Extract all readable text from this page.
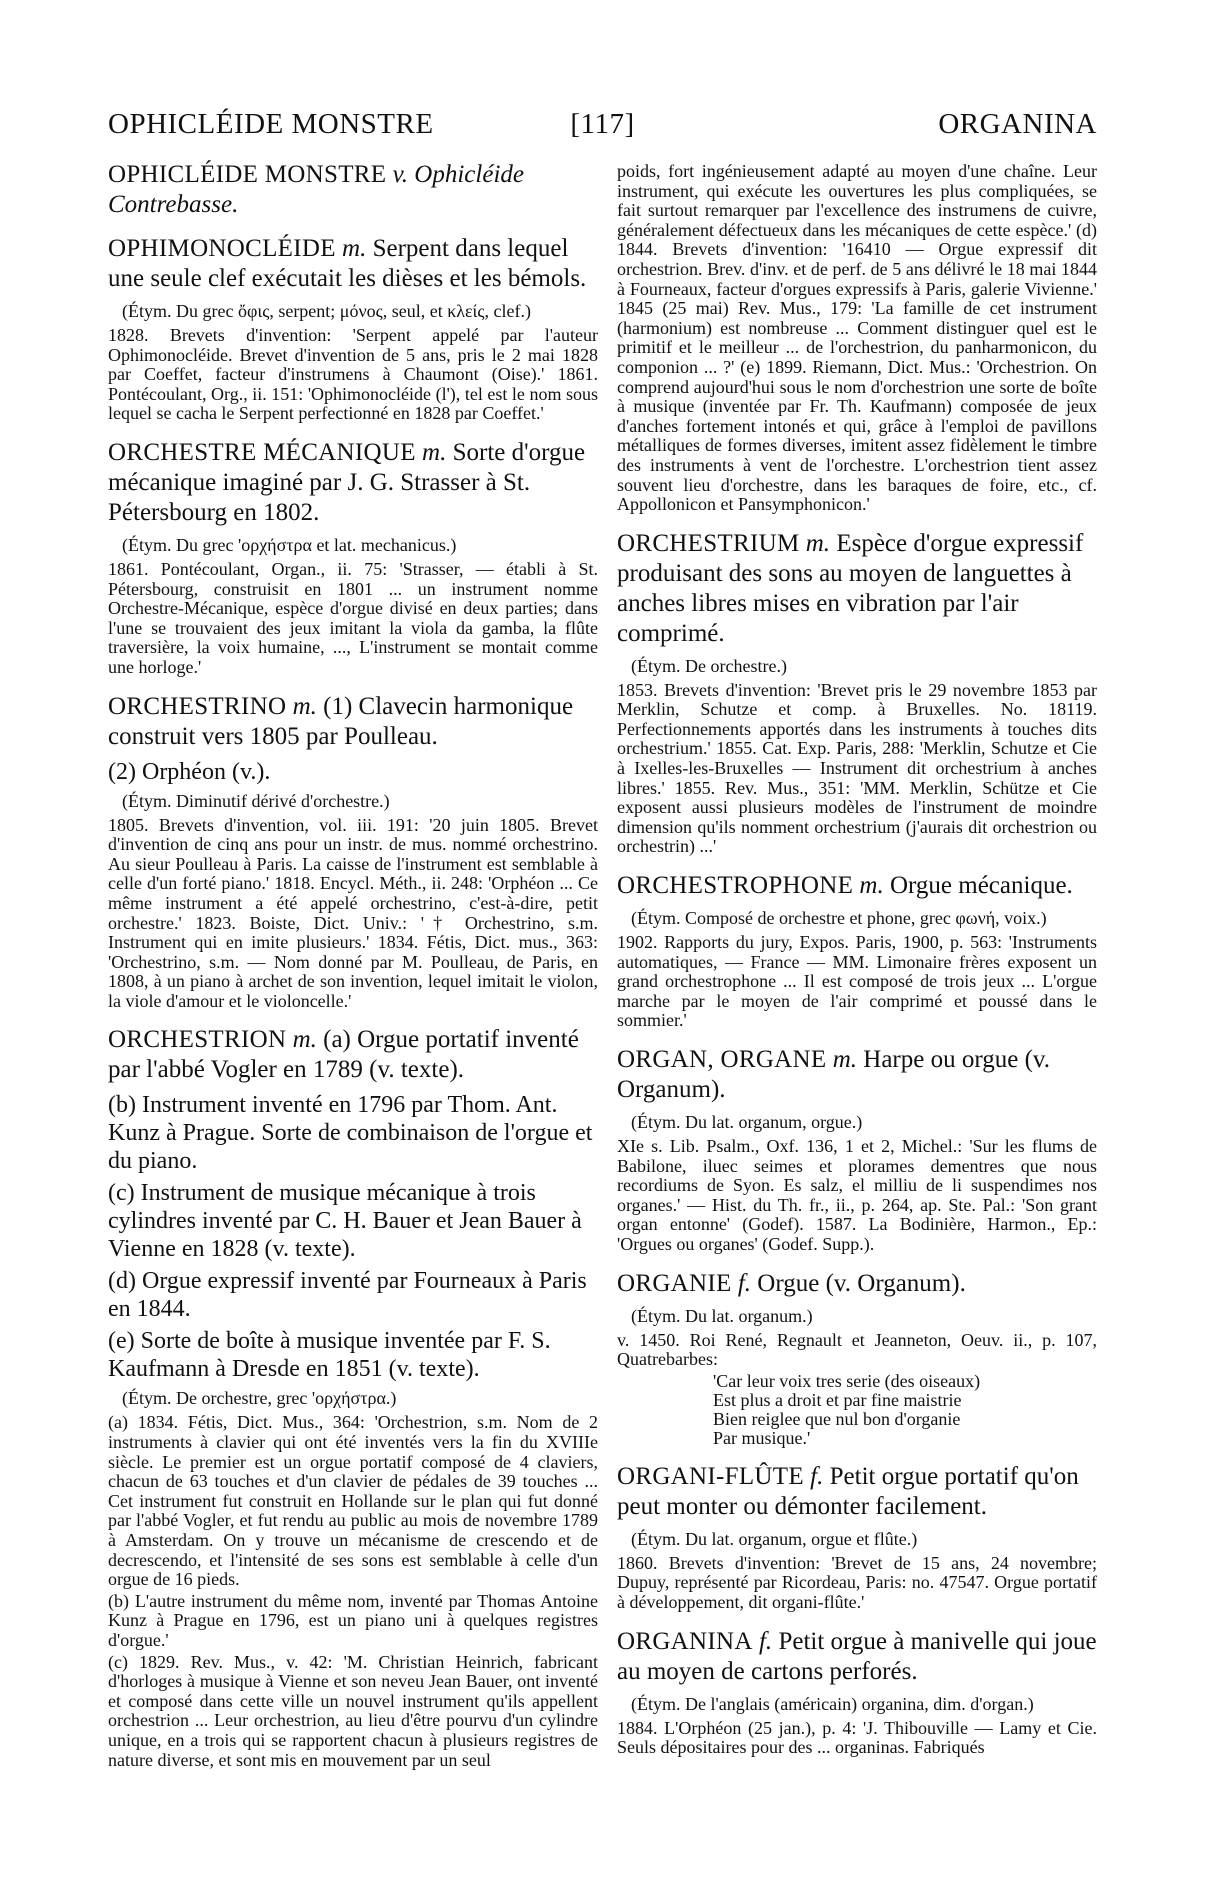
OPHICLÉIDE MONSTRE	[117]	ORGANINA

OPHICLÉIDE MONSTRE v. Ophicléide Contrebasse.

OPHIMONOCLÉIDE m. Serpent dans lequel une seule clef exécutait les dièses et les bémols.

(Étym. Du grec ὄφις, serpent; μόνος, seul, et κλείς, clef.)

1828. Brevets d'invention: 'Serpent appelé par l'auteur Ophimonocléide. Brevet d'invention de 5 ans, pris le 2 mai 1828 par Coeffet, facteur d'instrumens à Chaumont (Oise).' 1861. Pontécoulant, Org., ii. 151: 'Ophimonocléide (l'), tel est le nom sous lequel se cacha le Serpent perfectionné en 1828 par Coeffet.'

ORCHESTRE MÉCANIQUE m. Sorte d'orgue mécanique imaginé par J. G. Strasser à St. Pétersbourg en 1802.

(Étym. Du grec 'ορχήστρα et lat. mechanicus.)

1861. Pontécoulant, Organ., ii. 75: 'Strasser, — établi à St. Pétersbourg, construisit en 1801 ... un instrument nomme Orchestre-Mécanique, espèce d'orgue divisé en deux parties; dans l'une se trouvaient des jeux imitant la viola da gamba, la flûte traversière, la voix humaine, ..., L'instrument se montait comme une horloge.'

ORCHESTRINO m. (1) Clavecin harmonique construit vers 1805 par Poulleau.

(2) Orphéon (v.).

(Étym. Diminutif dérivé d'orchestre.)

1805. Brevets d'invention, vol. iii. 191: '20 juin 1805. Brevet d'invention de cinq ans pour un instr. de mus. nommé orchestrino. Au sieur Poulleau à Paris. La caisse de l'instrument est semblable à celle d'un forté piano.' 1818. Encycl. Méth., ii. 248: 'Orphéon ... Ce même instrument a été appelé orchestrino, c'est-à-dire, petit orchestre.' 1823. Boiste, Dict. Univ.: '† Orchestrino, s.m. Instrument qui en imite plusieurs.' 1834. Fétis, Dict. mus., 363: 'Orchestrino, s.m. — Nom donné par M. Poulleau, de Paris, en 1808, à un piano à archet de son invention, lequel imitait le violon, la viole d'amour et le violoncelle.'

ORCHESTRION m. (a) Orgue portatif inventé par l'abbé Vogler en 1789 (v. texte).

(b) Instrument inventé en 1796 par Thom. Ant. Kunz à Prague. Sorte de combinaison de l'orgue et du piano.

(c) Instrument de musique mécanique à trois cylindres inventé par C. H. Bauer et Jean Bauer à Vienne en 1828 (v. texte).

(d) Orgue expressif inventé par Fourneaux à Paris en 1844.

(e) Sorte de boîte à musique inventée par F. S. Kaufmann à Dresde en 1851 (v. texte).

(Étym. De orchestre, grec 'ορχήστρα.)

(a) 1834. Fétis, Dict. Mus., 364: 'Orchestrion, s.m. Nom de 2 instruments à clavier qui ont été inventés vers la fin du XVIIIe siècle. Le premier est un orgue portatif composé de 4 claviers, chacun de 63 touches et d'un clavier de pédales de 39 touches ... Cet instrument fut construit en Hollande sur le plan qui fut donné par l'abbé Vogler, et fut rendu au public au mois de novembre 1789 à Amsterdam. On y trouve un mécanisme de crescendo et de decrescendo, et l'intensité de ses sons est semblable à celle d'un orgue de 16 pieds.

(b) L'autre instrument du même nom, inventé par Thomas Antoine Kunz à Prague en 1796, est un piano uni à quelques registres d'orgue.'

(c) 1829. Rev. Mus., v. 42: 'M. Christian Heinrich, fabricant d'horloges à musique à Vienne et son neveu Jean Bauer, ont inventé et composé dans cette ville un nouvel instrument qu'ils appellent orchestrion ... Leur orchestrion, au lieu d'être pourvu d'un cylindre unique, en a trois qui se rapportent chacun à plusieurs registres de nature diverse, et sont mis en mouvement par un seul

poids, fort ingénieusement adapté au moyen d'une chaîne. Leur instrument, qui exécute les ouvertures les plus compliquées, se fait surtout remarquer par l'excellence des instrumens de cuivre, généralement défectueux dans les mécaniques de cette espèce.' (d) 1844. Brevets d'invention: '16410 — Orgue expressif dit orchestrion. Brev. d'inv. et de perf. de 5 ans délivré le 18 mai 1844 à Fourneaux, facteur d'orgues expressifs à Paris, galerie Vivienne.' 1845 (25 mai) Rev. Mus., 179: 'La famille de cet instrument (harmonium) est nombreuse ... Comment distinguer quel est le primitif et le meilleur ... de l'orchestrion, du panharmonicon, du componion ... ?' (e) 1899. Riemann, Dict. Mus.: 'Orchestrion. On comprend aujourd'hui sous le nom d'orchestrion une sorte de boîte à musique (inventée par Fr. Th. Kaufmann) composée de jeux d'anches fortement intonés et qui, grâce à l'emploi de pavillons métalliques de formes diverses, imitent assez fidèlement le timbre des instruments à vent de l'orchestre. L'orchestrion tient assez souvent lieu d'orchestre, dans les baraques de foire, etc., cf. Appollonicon et Pansymphonicon.'

ORCHESTRIUM m. Espèce d'orgue expressif produisant des sons au moyen de languettes à anches libres mises en vibration par l'air comprimé.

(Étym. De orchestre.)

1853. Brevets d'invention: 'Brevet pris le 29 novembre 1853 par Merklin, Schutze et comp. à Bruxelles. No. 18119. Perfectionnements apportés dans les instruments à touches dits orchestrium.' 1855. Cat. Exp. Paris, 288: 'Merklin, Schutze et Cie à Ixelles-les-Bruxelles — Instrument dit orchestrium à anches libres.' 1855. Rev. Mus., 351: 'MM. Merklin, Schütze et Cie exposent aussi plusieurs modèles de l'instrument de moindre dimension qu'ils nomment orchestrium (j'aurais dit orchestrion ou orchestrin) ...'

ORCHESTROPHONE m. Orgue mécanique.

(Étym. Composé de orchestre et phone, grec φωνή, voix.)

1902. Rapports du jury, Expos. Paris, 1900, p. 563: 'Instruments automatiques, — France — MM. Limonaire frères exposent un grand orchestrophone ... Il est composé de trois jeux ... L'orgue marche par le moyen de l'air comprimé et poussé dans le sommier.'

ORGAN, ORGANE m. Harpe ou orgue (v. Organum).

(Étym. Du lat. organum, orgue.)

XIe s. Lib. Psalm., Oxf. 136, 1 et 2, Michel.: 'Sur les flums de Babilone, iluec seimes et plorames dementres que nous recordiums de Syon. Es salz, el milliu de li suspendimes nos organes.' — Hist. du Th. fr., ii., p. 264, ap. Ste. Pal.: 'Son grant organ entonne' (Godef). 1587. La Bodinière, Harmon., Ep.: 'Orgues ou organes' (Godef. Supp.).

ORGANIE f. Orgue (v. Organum).

(Étym. Du lat. organum.)

v. 1450. Roi René, Regnault et Jeanneton, Oeuv. ii., p. 107, Quatrebarbes:

'Car leur voix tres serie (des oiseaux)

Est plus a droit et par fine maistrie

Bien reiglee que nul bon d'organie

Par musique.'

ORGANI-FLÛTE f. Petit orgue portatif qu'on peut monter ou démonter facilement.

(Étym. Du lat. organum, orgue et flûte.)

1860. Brevets d'invention: 'Brevet de 15 ans, 24 novembre; Dupuy, représenté par Ricordeau, Paris: no. 47547. Orgue portatif à développement, dit organi-flûte.'

ORGANINA f. Petit orgue à manivelle qui joue au moyen de cartons perforés.

(Étym. De l'anglais (américain) organina, dim. d'organ.)

1884. L'Orphéon (25 jan.), p. 4: 'J. Thibouville — Lamy et Cie. Seuls dépositaires pour des ... organinas. Fabriqués
